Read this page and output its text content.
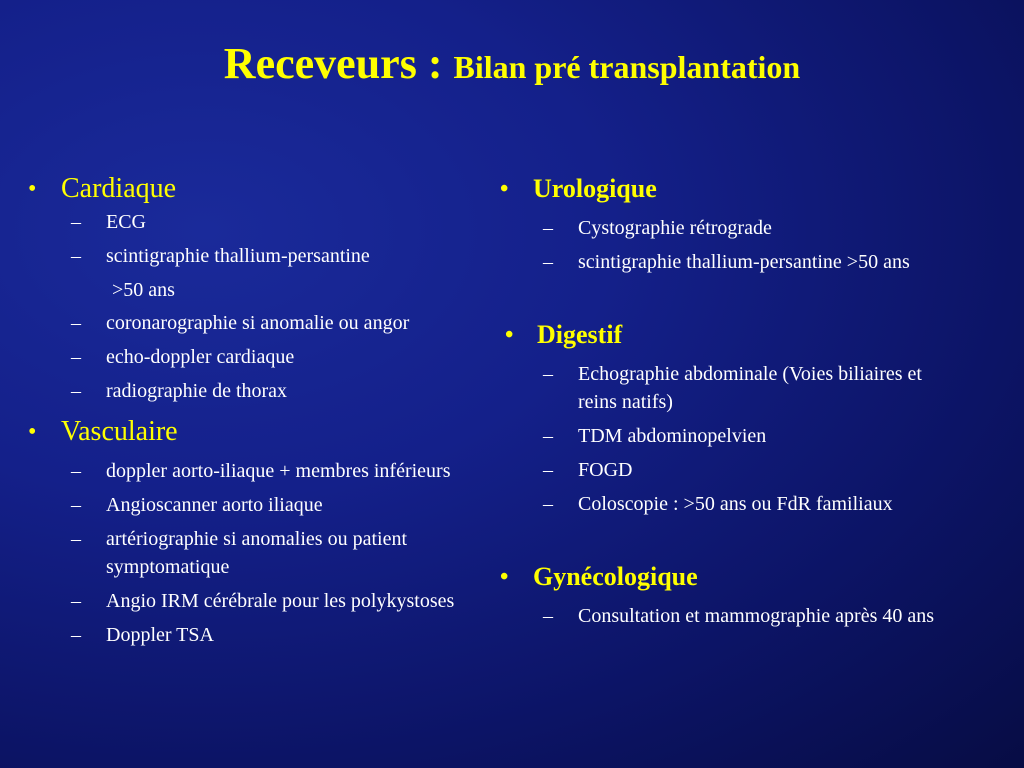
Receveurs : Bilan pré transplantation
• Cardiaque
– ECG
– scintigraphie thallium-persantine
>50 ans
– coronarographie si anomalie ou angor
– echo-doppler cardiaque
– radiographie de thorax
• Vasculaire
– doppler aorto-iliaque + membres inférieurs
– Angioscanner aorto iliaque
– artériographie si anomalies ou patient symptomatique
– Angio IRM cérébrale pour les polykystoses
– Doppler TSA
• Urologique
– Cystographie rétrograde
– scintigraphie thallium-persantine >50 ans
• Digestif
– Echographie abdominale (Voies biliaires et reins natifs)
– TDM abdominopelvien
– FOGD
– Coloscopie : >50 ans ou FdR familiaux
• Gynécologique
– Consultation et mammographie après 40 ans
